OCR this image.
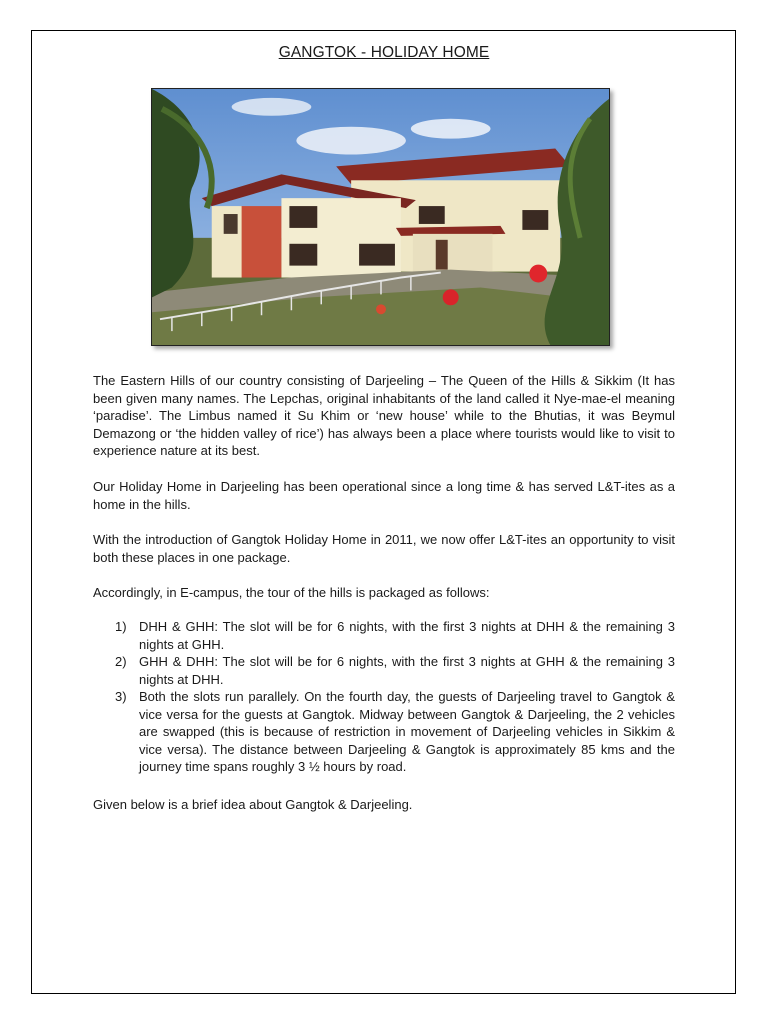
GANGTOK - HOLIDAY HOME

The Eastern Hills of our country consisting of Darjeeling – The Queen of the Hills & Sikkim (It has been given many names. The Lepchas, original inhabitants of the land called it Nye-mae-el meaning ‘paradise’. The Limbus named it Su Khim or ‘new house’ while to the Bhutias, it was Beymul Demazong or ‘the hidden valley of rice’) has always been a place where tourists would like to visit to experience nature at its best.

Our Holiday Home in Darjeeling has been operational since a long time & has served L&T-ites as a home in the hills.

With the introduction of Gangtok Holiday Home in 2011, we now offer L&T-ites an opportunity to visit both these places in one package.

Accordingly, in E-campus, the tour of the hills is packaged as follows:

1) DHH & GHH: The slot will be for 6 nights, with the first 3 nights at DHH & the remaining 3 nights at GHH.
2) GHH & DHH: The slot will be for 6 nights, with the first 3 nights at GHH & the remaining 3 nights at DHH.
3) Both the slots run parallely. On the fourth day, the guests of Darjeeling travel to Gangtok & vice versa for the guests at Gangtok. Midway between Gangtok & Darjeeling, the 2 vehicles are swapped (this is because of restriction in movement of Darjeeling vehicles in Sikkim & vice versa). The distance between Darjeeling & Gangtok is approximately 85 kms and the journey time spans roughly 3 ½ hours by road.

Given below is a brief idea about Gangtok & Darjeeling.
